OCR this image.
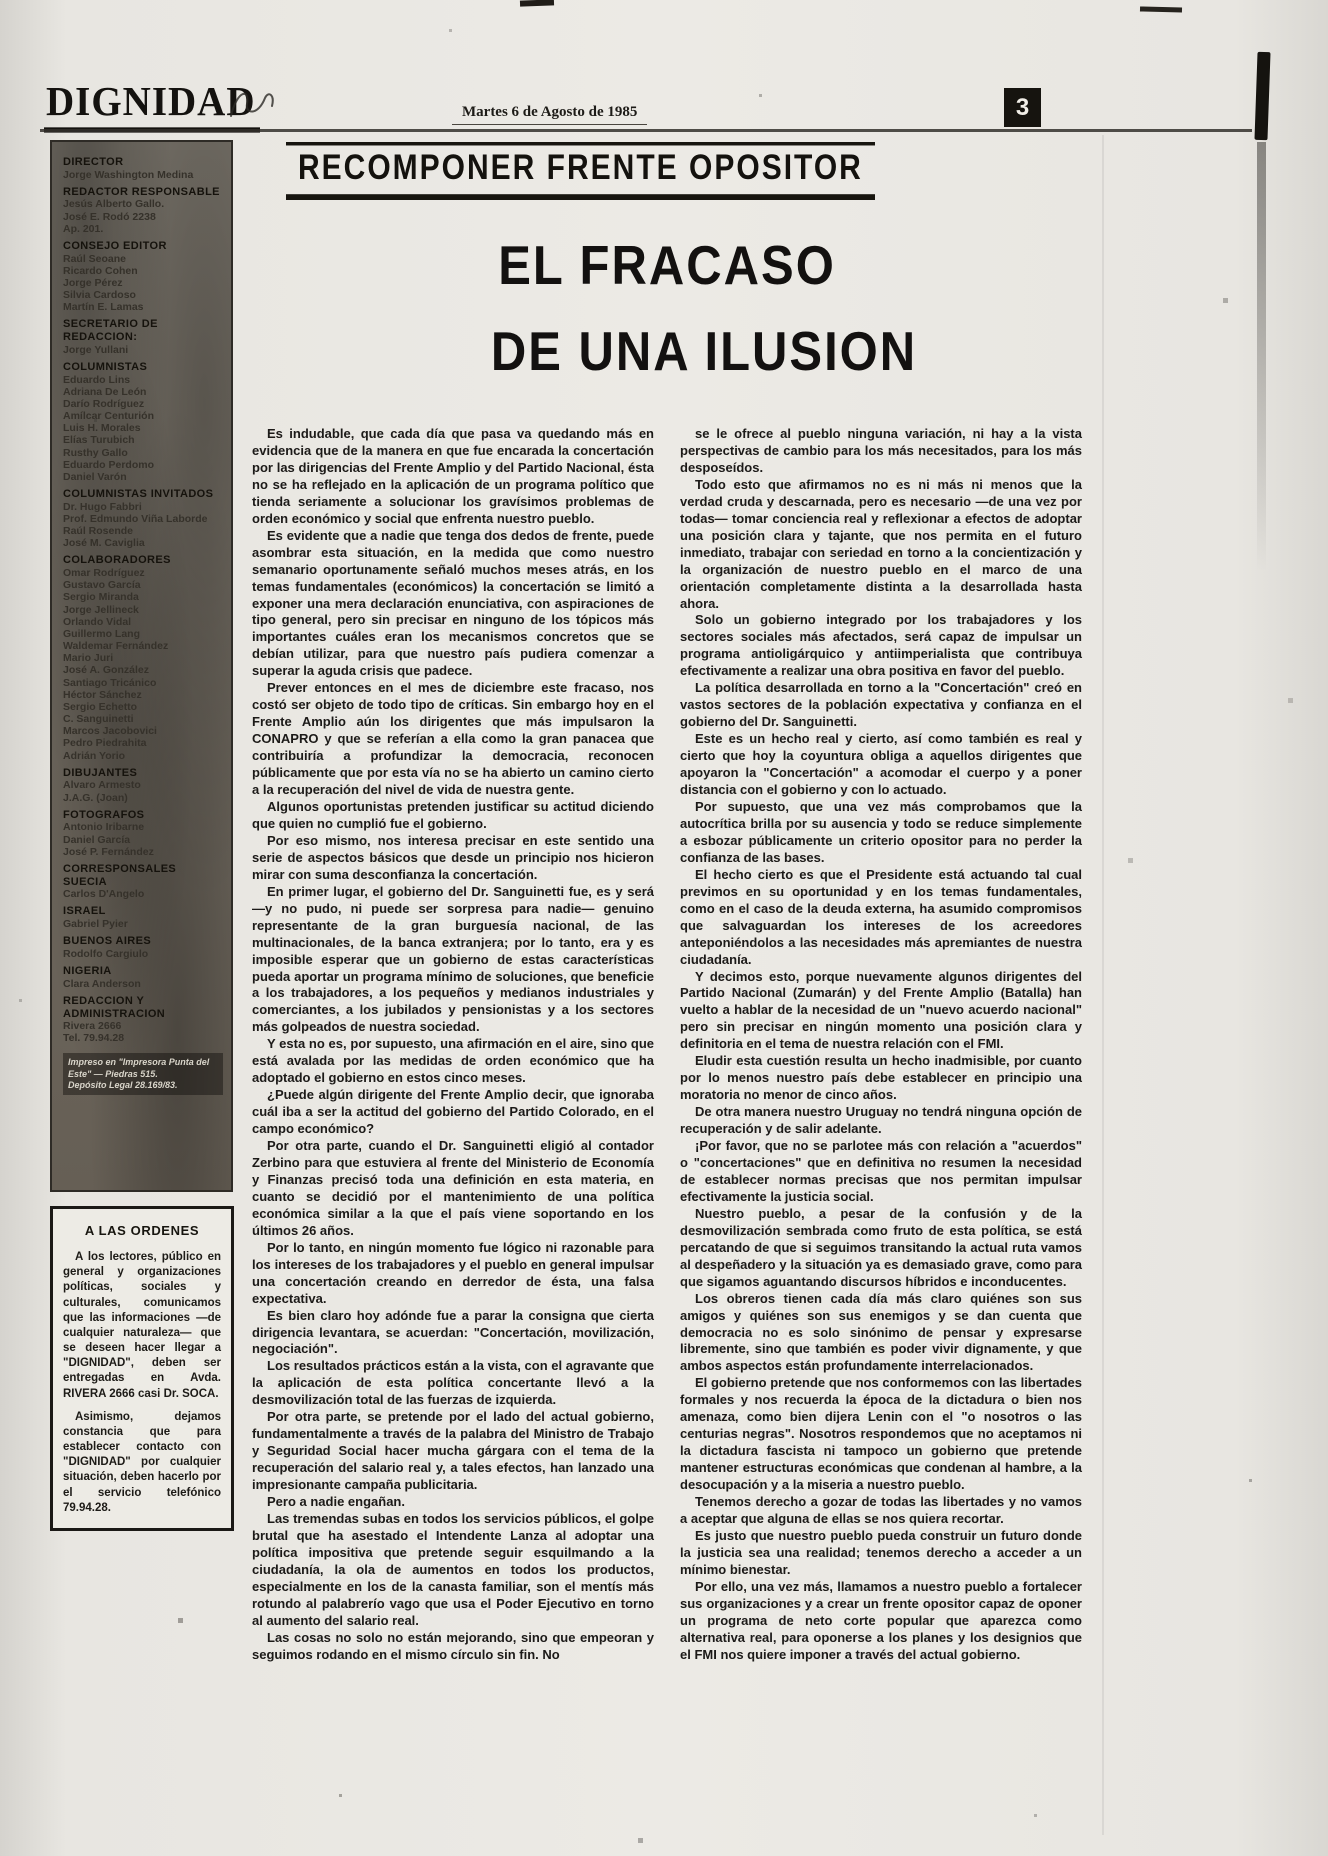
DIGNIDAD	Martes 6 de Agosto de 1985	3
DIRECTOR
Jorge Washington Medina
REDACTOR RESPONSABLE
Jesús Alberto Gallo.
José E. Rodó 2238
Ap. 201.
CONSEJO EDITOR
Raúl Seoane
Ricardo Cohen
Jorge Pérez
Silvia Cardoso
Martín E. Lamas
SECRETARIO DE REDACCION:
Jorge Yullani
COLUMNISTAS
Eduardo Lins
Adriana De León
Darío Rodríguez
Amílcar Centurión
Luis H. Morales
Elías Turubich
Rusthy Gallo
Eduardo Perdomo
Daniel Varón
COLUMNISTAS INVITADOS
Dr. Hugo Fabbri
Prof. Edmundo Viña Laborde
Raúl Rosende
José M. Caviglia
COLABORADORES
Omar Rodríguez
Gustavo García
Sergio Miranda
Jorge Jellineck
Orlando Vidal
Guillermo Lang
Waldemar Fernández
Mario Juri
José A. González
Santiago Tricánico
Héctor Sánchez
Sergio Echetto
C. Sanguinetti
Marcos Jacobovici
Pedro Piedrahita
Adrián Yorio
DIBUJANTES
Alvaro Armesto
J.A.G. (Joan)
FOTOGRAFOS
Antonio Iribarne
Daniel García
José P. Fernández
CORRESPONSALES SUECIA
Carlos D'Angelo
ISRAEL
Gabriel Pyier
BUENOS AIRES
Rodolfo Cargiulo
NIGERIA
Clara Anderson
REDACCION Y ADMINISTRACION
Rivera 2666
Tel. 79.94.28
Impreso en "Impresora Punta del Este" — Piedras 515.
Depósito Legal 28.169/83.
A LAS ORDENES

A los lectores, público en general y organizaciones políticas, sociales y culturales, comunicamos que las informaciones —de cualquier naturaleza— que se deseen hacer llegar a "DIGNIDAD", deben ser entregadas en Avda. RIVERA 2666 casi Dr. SOCA.

Asimismo, dejamos constancia que para establecer contacto con "DIGNIDAD" por cualquier situación, deben hacerlo por el servicio telefónico 79.94.28.

RECOMPONER FRENTE OPOSITOR
EL FRACASO
DE UNA ILUSION

Es indudable, que cada día que pasa va quedando más en evidencia que de la manera en que fue encarada la concertación por las dirigencias del Frente Amplio y del Partido Nacional, ésta no se ha reflejado en la aplicación de un programa político que tienda seriamente a solucionar los gravísimos problemas de orden económico y social que enfrenta nuestro pueblo.

Es evidente que a nadie que tenga dos dedos de frente, puede asombrar esta situación, en la medida que como nuestro semanario oportunamente señaló muchos meses atrás, en los temas fundamentales (económicos) la concertación se limitó a exponer una mera declaración enunciativa, con aspiraciones de tipo general, pero sin precisar en ninguno de los tópicos más importantes cuáles eran los mecanismos concretos que se debían utilizar, para que nuestro país pudiera comenzar a superar la aguda crisis que padece.

Prever entonces en el mes de diciembre este fracaso, nos costó ser objeto de todo tipo de críticas. Sin embargo hoy en el Frente Amplio aún los dirigentes que más impulsaron la CONAPRO y que se referían a ella como la gran panacea que contribuiría a profundizar la democracia, reconocen públicamente que por esta vía no se ha abierto un camino cierto a la recuperación del nivel de vida de nuestra gente.

Algunos oportunistas pretenden justificar su actitud diciendo que quien no cumplió fue el gobierno.

Por eso mismo, nos interesa precisar en este sentido una serie de aspectos básicos que desde un principio nos hicieron mirar con suma desconfianza la concertación.

En primer lugar, el gobierno del Dr. Sanguinetti fue, es y será —y no pudo, ni puede ser sorpresa para nadie— genuino representante de la gran burguesía nacional, de las multinacionales, de la banca extranjera; por lo tanto, era y es imposible esperar que un gobierno de estas características pueda aportar un programa mínimo de soluciones, que beneficie a los trabajadores, a los pequeños y medianos industriales y comerciantes, a los jubilados y pensionistas y a los sectores más golpeados de nuestra sociedad.

Y esta no es, por supuesto, una afirmación en el aire, sino que está avalada por las medidas de orden económico que ha adoptado el gobierno en estos cinco meses.

¿Puede algún dirigente del Frente Amplio decir, que ignoraba cuál iba a ser la actitud del gobierno del Partido Colorado, en el campo económico?

Por otra parte, cuando el Dr. Sanguinetti eligió al contador Zerbino para que estuviera al frente del Ministerio de Economía y Finanzas precisó toda una definición en esta materia, en cuanto se decidió por el mantenimiento de una política económica similar a la que el país viene soportando en los últimos 26 años.

Por lo tanto, en ningún momento fue lógico ni razonable para los intereses de los trabajadores y el pueblo en general impulsar una concertación creando en derredor de ésta, una falsa expectativa.

Es bien claro hoy adónde fue a parar la consigna que cierta dirigencia levantara, se acuerdan: "Concertación, movilización, negociación".

Los resultados prácticos están a la vista, con el agravante que la aplicación de esta política concertante llevó a la desmovilización total de las fuerzas de izquierda.

Por otra parte, se pretende por el lado del actual gobierno, fundamentalmente a través de la palabra del Ministro de Trabajo y Seguridad Social hacer mucha gárgara con el tema de la recuperación del salario real y, a tales efectos, han lanzado una impresionante campaña publicitaria.

Pero a nadie engañan.

Las tremendas subas en todos los servicios públicos, el golpe brutal que ha asestado el Intendente Lanza al adoptar una política impositiva que pretende seguir esquilmando a la ciudadanía, la ola de aumentos en todos los productos, especialmente en los de la canasta familiar, son el mentís más rotundo al palabrerío vago que usa el Poder Ejecutivo en torno al aumento del salario real.

Las cosas no solo no están mejorando, sino que empeoran y seguimos rodando en el mismo círculo sin fin. No

se le ofrece al pueblo ninguna variación, ni hay a la vista perspectivas de cambio para los más necesitados, para los más desposeídos.

Todo esto que afirmamos no es ni más ni menos que la verdad cruda y descarnada, pero es necesario —de una vez por todas— tomar conciencia real y reflexionar a efectos de adoptar una posición clara y tajante, que nos permita en el futuro inmediato, trabajar con seriedad en torno a la concientización y la organización de nuestro pueblo en el marco de una orientación completamente distinta a la desarrollada hasta ahora.

Solo un gobierno integrado por los trabajadores y los sectores sociales más afectados, será capaz de impulsar un programa antioligárquico y antiimperialista que contribuya efectivamente a realizar una obra positiva en favor del pueblo.

La política desarrollada en torno a la "Concertación" creó en vastos sectores de la población expectativa y confianza en el gobierno del Dr. Sanguinetti.

Este es un hecho real y cierto, así como también es real y cierto que hoy la coyuntura obliga a aquellos dirigentes que apoyaron la "Concertación" a acomodar el cuerpo y a poner distancia con el gobierno y con lo actuado.

Por supuesto, que una vez más comprobamos que la autocrítica brilla por su ausencia y todo se reduce simplemente a esbozar públicamente un criterio opositor para no perder la confianza de las bases.

El hecho cierto es que el Presidente está actuando tal cual previmos en su oportunidad y en los temas fundamentales, como en el caso de la deuda externa, ha asumido compromisos que salvaguardan los intereses de los acreedores anteponiéndolos a las necesidades más apremiantes de nuestra ciudadanía.

Y decimos esto, porque nuevamente algunos dirigentes del Partido Nacional (Zumarán) y del Frente Amplio (Batalla) han vuelto a hablar de la necesidad de un "nuevo acuerdo nacional" pero sin precisar en ningún momento una posición clara y definitoria en el tema de nuestra relación con el FMI.

Eludir esta cuestión resulta un hecho inadmisible, por cuanto por lo menos nuestro país debe establecer en principio una moratoria no menor de cinco años.

De otra manera nuestro Uruguay no tendrá ninguna opción de recuperación y de salir adelante.

¡Por favor, que no se parlotee más con relación a "acuerdos" o "concertaciones" que en definitiva no resumen la necesidad de establecer normas precisas que nos permitan impulsar efectivamente la justicia social.

Nuestro pueblo, a pesar de la confusión y de la desmovilización sembrada como fruto de esta política, se está percatando de que si seguimos transitando la actual ruta vamos al despeñadero y la situación ya es demasiado grave, como para que sigamos aguantando discursos híbridos e inconducentes.

Los obreros tienen cada día más claro quiénes son sus amigos y quiénes son sus enemigos y se dan cuenta que democracia no es solo sinónimo de pensar y expresarse libremente, sino que también es poder vivir dignamente, y que ambos aspectos están profundamente interrelacionados.

El gobierno pretende que nos conformemos con las libertades formales y nos recuerda la época de la dictadura o bien nos amenaza, como bien dijera Lenin con el "o nosotros o las centurias negras". Nosotros respondemos que no aceptamos ni la dictadura fascista ni tampoco un gobierno que pretende mantener estructuras económicas que condenan al hambre, a la desocupación y a la miseria a nuestro pueblo.

Tenemos derecho a gozar de todas las libertades y no vamos a aceptar que alguna de ellas se nos quiera recortar.

Es justo que nuestro pueblo pueda construir un futuro donde la justicia sea una realidad; tenemos derecho a acceder a un mínimo bienestar.

Por ello, una vez más, llamamos a nuestro pueblo a fortalecer sus organizaciones y a crear un frente opositor capaz de oponer un programa de neto corte popular que aparezca como alternativa real, para oponerse a los planes y los designios que el FMI nos quiere imponer a través del actual gobierno.
